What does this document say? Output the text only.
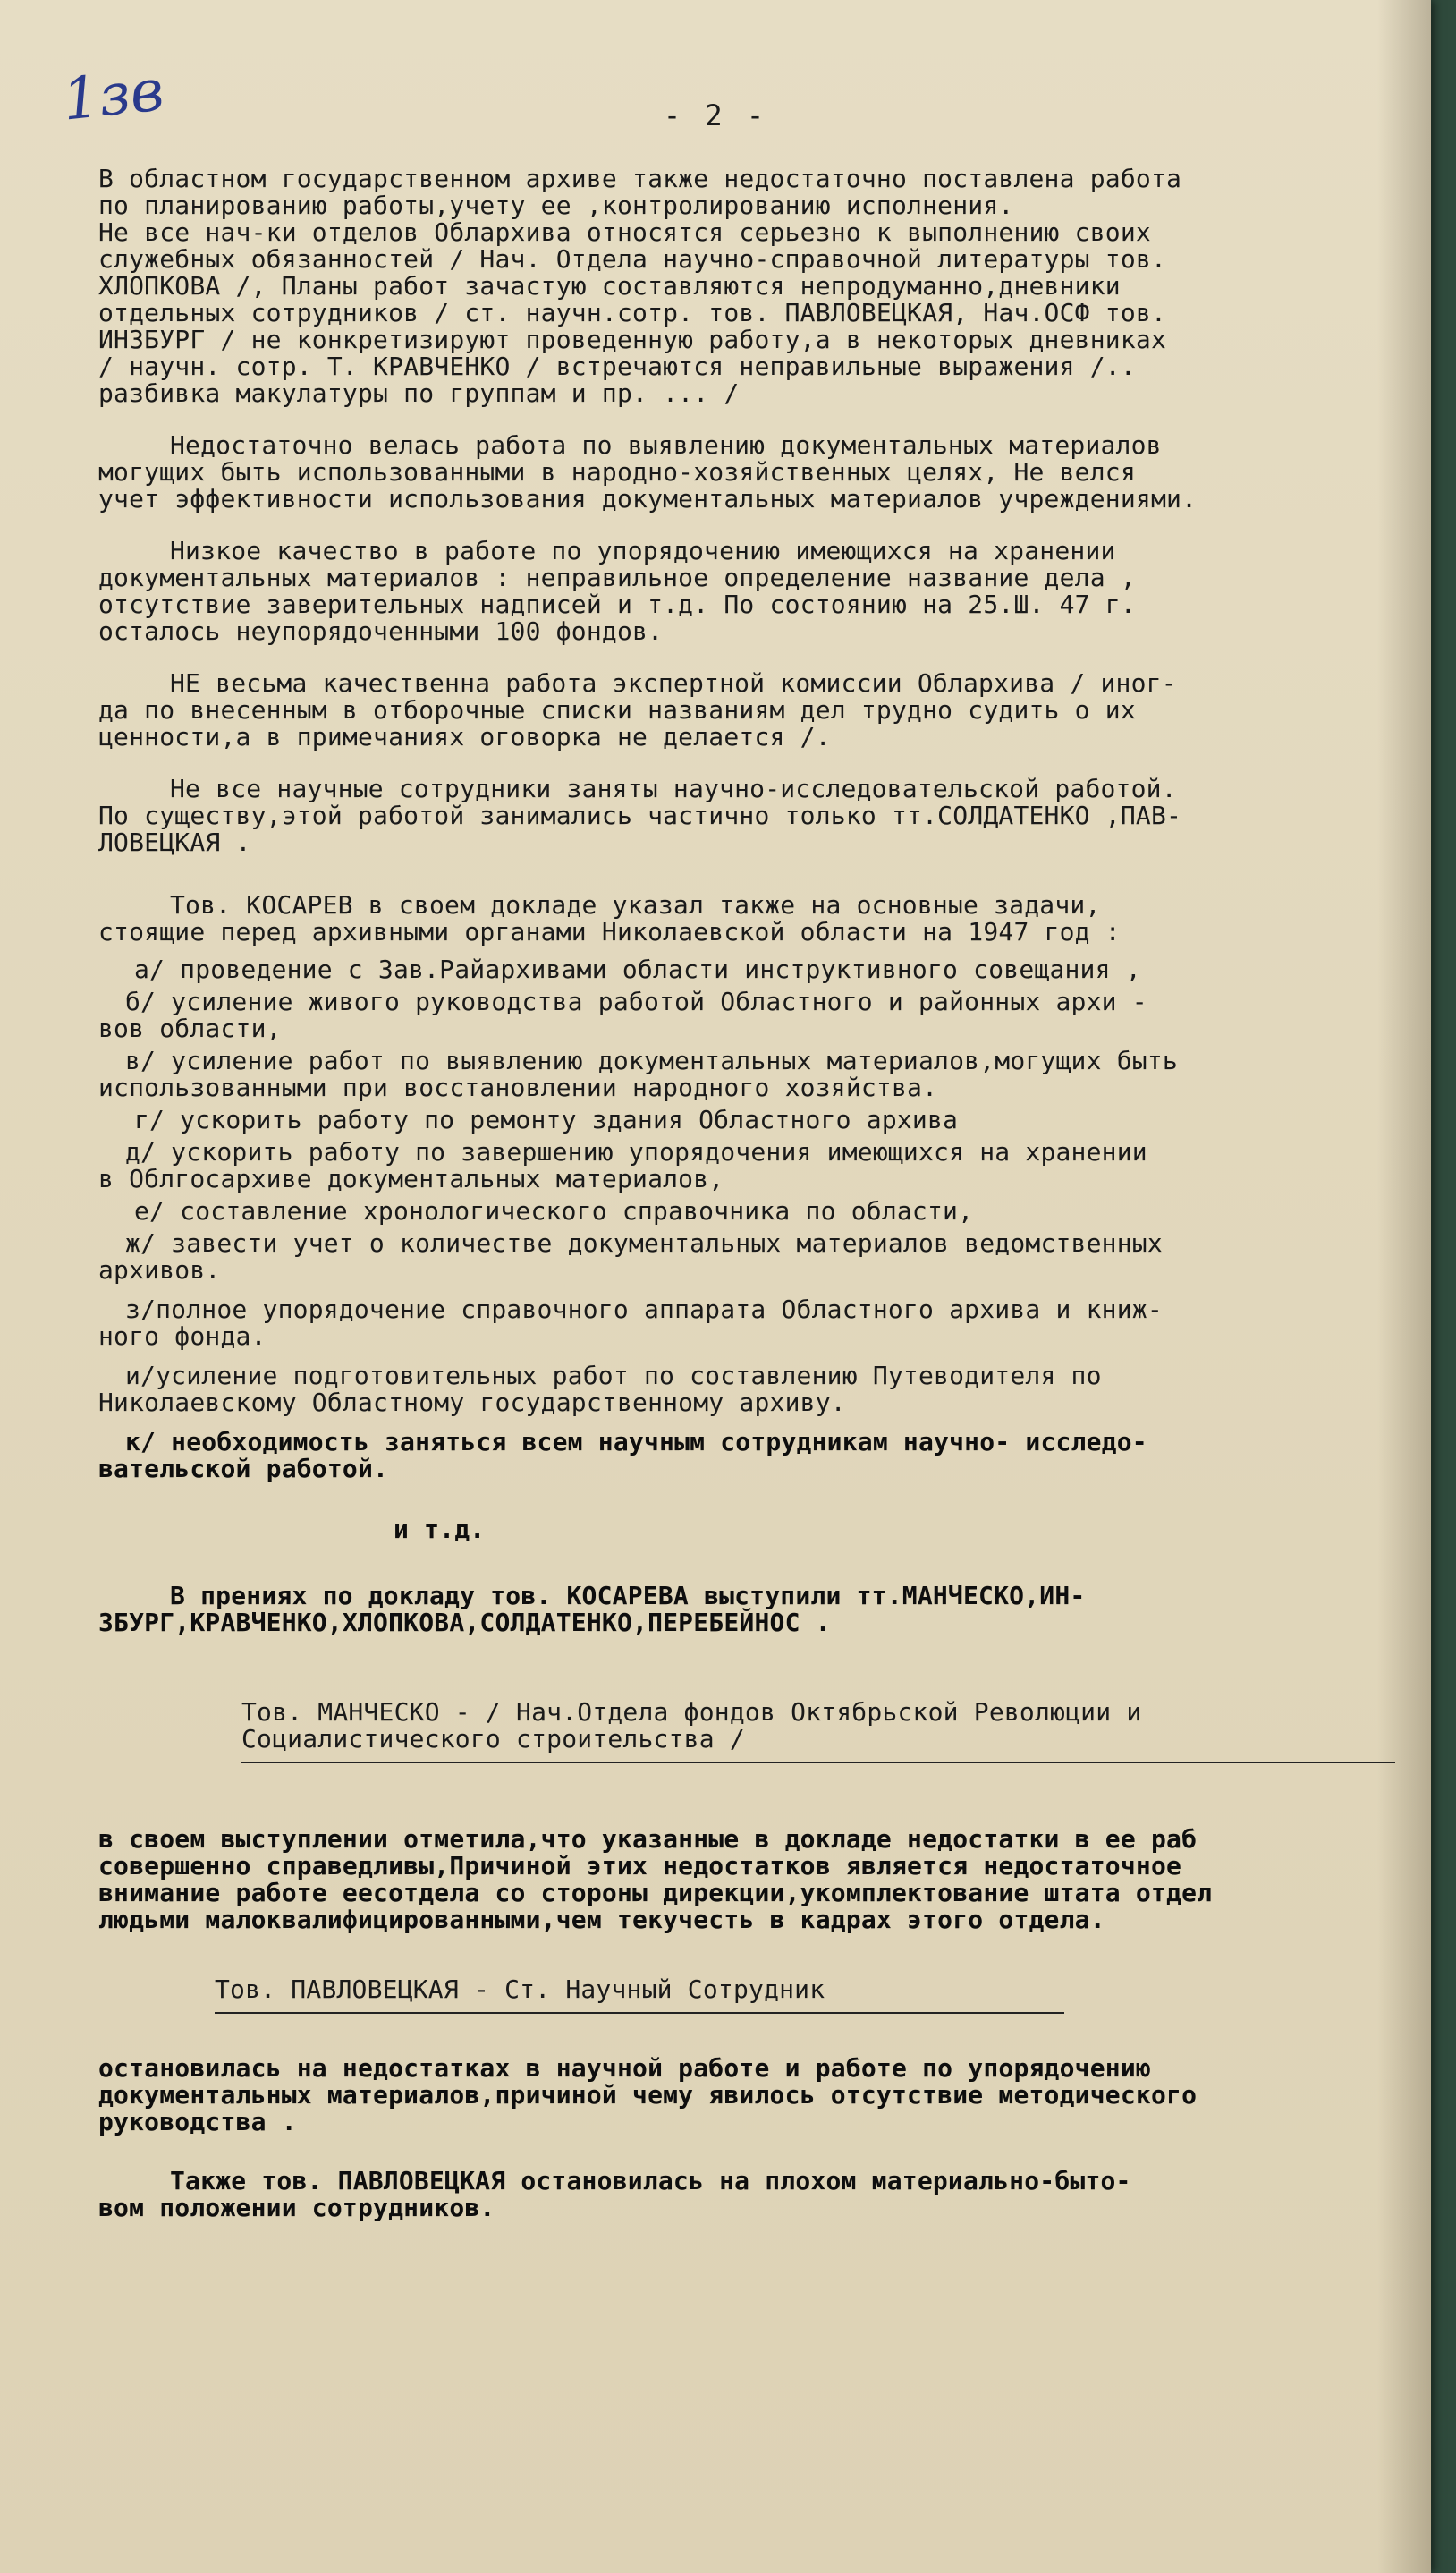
1зв	- 2 -

В областном государственном архиве также недостаточно поставлена работа
по планированию работы,учету ее ,контролированию исполнения.
Не все нач-ки отделов Облархива относятся серьезно к выполнению своих
служебных обязанностей / Нач. Отдела научно-справочной литературы тов.
ХЛОПКОВА /, Планы работ зачастую составляются непродуманно,дневники
отдельных сотрудников / ст. научн.сотр. тов. ПАВЛОВЕЦКАЯ, Нач.ОСФ тов.
ИНЗБУРГ / не конкретизируют проведенную работу,а в некоторых дневниках
/ научн. сотр. Т. КРАВЧЕНКО / встречаются неправильные выражения /..
разбивка макулатуры по группам и пр. ... /

Недостаточно велась работа по выявлению документальных материалов
могущих быть использованными в народно-хозяйственных целях, Не велся
учет эффективности использования документальных материалов учреждениями.

Низкое качество в работе по упорядочению имеющихся на хранении
документальных материалов : неправильное определение название дела ,
отсутствие заверительных надписей и т.д. По состоянию на 25.Ш. 47 г.
осталось неупорядоченными 100 фондов.

НЕ весьма качественна работа экспертной комиссии Облархива / иног-
да по внесенным в отборочные списки названиям дел трудно судить о их
ценности,а в примечаниях оговорка не делается /.

Не все научные сотрудники заняты научно-исследовательской работой.
По существу,этой работой занимались частично только тт.СОЛДАТЕНКО ,ПАВ-
ЛОВЕЦКАЯ .

Тов. КОСАРЕВ в своем докладе указал также на основные задачи,
стоящие перед архивными органами Николаевской области на 1947 год :

а/ проведение с Зав.Райархивами области инструктивного совещания ,

б/ усиление живого руководства работой Областного и районных архи -
вов области,

в/ усиление работ по выявлению документальных материалов,могущих быть
использованными при восстановлении народного хозяйства.

г/ ускорить работу по ремонту здания Областного архива

д/ ускорить работу по завершению упорядочения имеющихся на хранении
в Облгосархиве документальных материалов,

е/ составление хронологического справочника по области,

ж/ завести учет о количестве документальных материалов ведомственных
архивов.

з/полное упорядочение справочного аппарата Областного архива и книж-
ного фонда.

и/усиление подготовительных работ по составлению Путеводителя по
Николаевскому Областному государственному архиву.

к/ необходимость заняться всем научным сотрудникам научно- исследо-
вательской работой.

и т.д.

В прениях по докладу тов. КОСАРЕВА выступили тт.МАНЧЕСКО,ИН-
ЗБУРГ,КРАВЧЕНКО,ХЛОПКОВА,СОЛДАТЕНКО,ПЕРЕБЕЙНОС .

Тов. МАНЧЕСКО - / Нач.Отдела фондов Октябрьской Революции и
Социалистического строительства /

в своем выступлении отметила,что указанные в докладе недостатки в ее раб
совершенно справедливы,Причиной этих недостатков является недостаточное
внимание работе еесотдела со стороны дирекции,укомплектование штата отдел
людьми малоквалифицированными,чем текучесть в кадрах этого отдела.

Тов. ПАВЛОВЕЦКАЯ - Ст. Научный Сотрудник

остановилась на недостатках в научной работе и работе по упорядочению
документальных материалов,причиной чему явилось отсутствие методического
руководства .

Также тов. ПАВЛОВЕЦКАЯ остановилась на плохом материально-быто-
вом положении сотрудников.
